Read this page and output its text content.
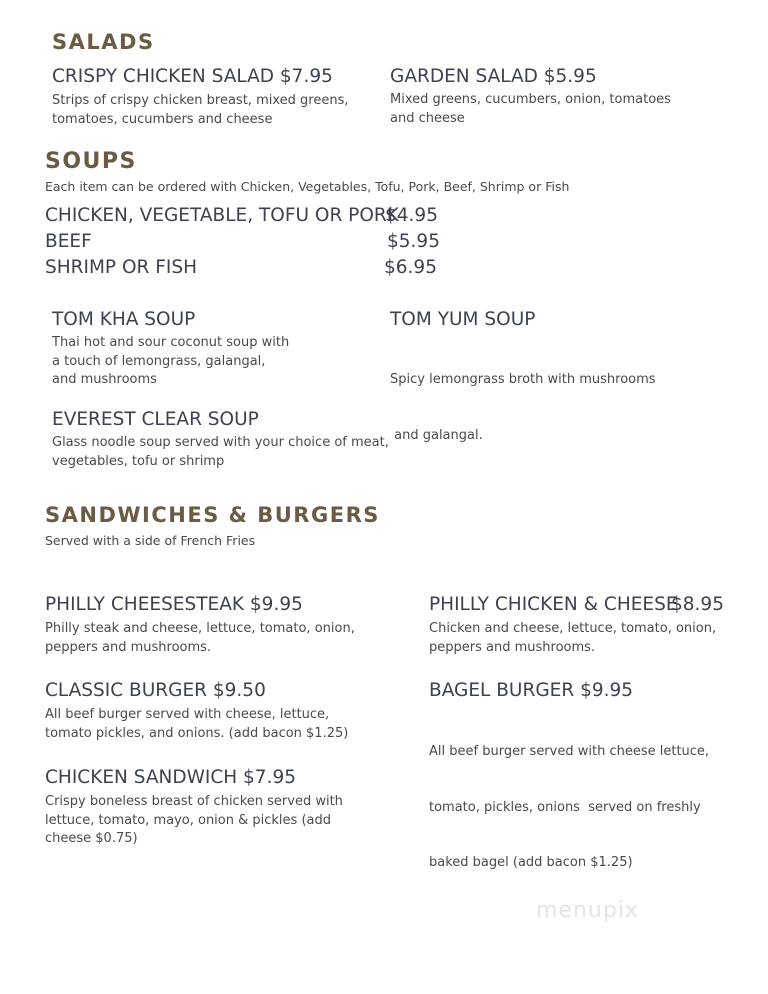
SALADS
CRISPY CHICKEN SALAD $7.95
Strips of crispy chicken breast, mixed greens, tomatoes, cucumbers and cheese
GARDEN SALAD $5.95
Mixed greens, cucumbers, onion, tomatoes and cheese
SOUPS
Each item can be ordered with Chicken, Vegetables, Tofu, Pork, Beef, Shrimp or Fish
CHICKEN, VEGETABLE, TOFU OR PORK
$4.95
BEEF	$5.95
SHRIMP OR FISH	$6.95
TOM KHA SOUP
Thai hot and sour coconut soup with
a touch of lemongrass, galangal,
and mushrooms
TOM YUM SOUP

Spicy lemongrass broth with mushrooms

and galangal.

EVEREST CLEAR SOUP
Glass noodle soup served with your choice of meat,
vegetables, tofu or shrimp
SANDWICHES & BURGERS
Served with a side of French Fries
PHILLY CHEESESTEAK $9.95
Philly steak and cheese, lettuce, tomato, onion,
peppers and mushrooms.
PHILLY CHICKEN & CHEESE
$8.95
Chicken and cheese, lettuce, tomato, onion,
peppers and mushrooms.
CLASSIC BURGER $9.50
All beef burger served with cheese, lettuce,
tomato pickles, and onions. (add bacon $1.25)
BAGEL BURGER $9.95

All beef burger served with cheese lettuce,

tomato, pickles, onions  served on freshly

baked bagel (add bacon $1.25)

CHICKEN SANDWICH $7.95
Crispy boneless breast of chicken served with
lettuce, tomato, mayo, onion & pickles (add
cheese $0.75)
menupix
